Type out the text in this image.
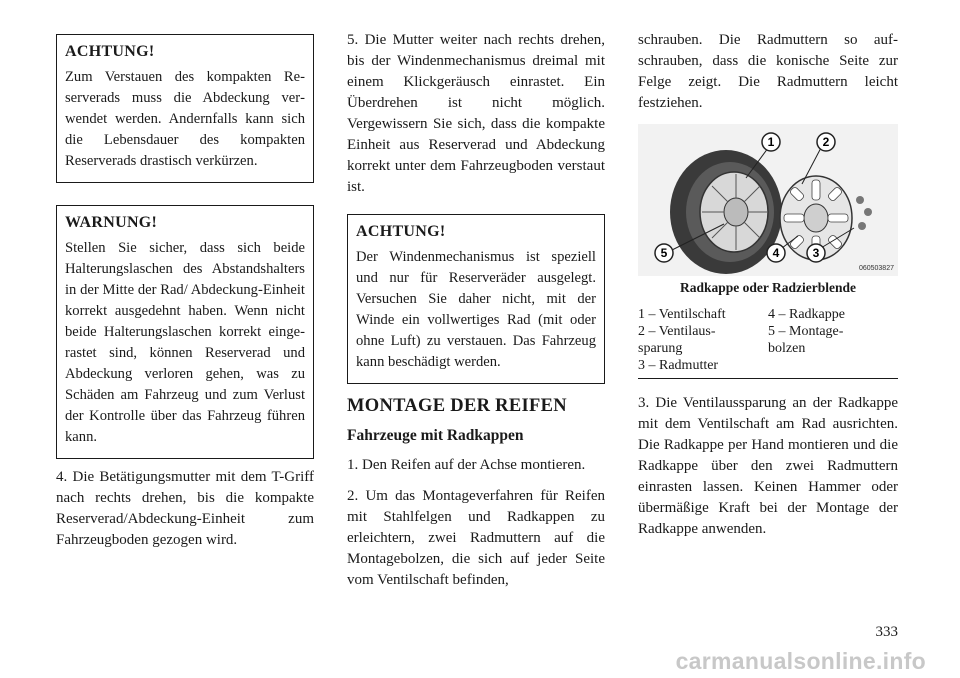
ACHTUNG!

Zum Verstauen des kompakten Reserverads muss die Abdeckung verwendet werden. Andernfalls kann sich die Lebensdauer des kompakten Reserverads drastisch verkürzen.

WARNUNG!

Stellen Sie sicher, dass sich beide Halterungslaschen des Abstandshalters in der Mitte der Rad/ Abdeckung-Einheit korrekt ausgedehnt haben. Wenn nicht beide Halterungslaschen korrekt eingerastet sind, können Reserverad und Abdeckung verloren gehen, was zu Schäden am Fahrzeug und zum Verlust der Kontrolle über das Fahrzeug führen kann.

4. Die Betätigungsmutter mit dem T-Griff nach rechts drehen, bis die kompakte Reserverad/Abdeckung-Einheit zum Fahrzeugboden gezogen wird.

5. Die Mutter weiter nach rechts drehen, bis der Windenmechanismus dreimal mit einem Klickgeräusch einrastet. Ein Überdrehen ist nicht möglich. Vergewissern Sie sich, dass die kompakte Einheit aus Reserverad und Abdeckung korrekt unter dem Fahrzeugboden verstaut ist.

ACHTUNG!

Der Windenmechanismus ist speziell und nur für Reserveräder ausgelegt. Versuchen Sie daher nicht, mit der Winde ein vollwertiges Rad (mit oder ohne Luft) zu verstauen. Das Fahrzeug kann beschädigt werden.

MONTAGE DER REIFEN
Fahrzeuge mit Radkappen

1. Den Reifen auf der Achse montieren.

2. Um das Montageverfahren für Reifen mit Stahlfelgen und Radkappen zu erleichtern, zwei Radmuttern auf die Montagebolzen, die sich auf jeder Seite vom Ventilschaft befinden,

schrauben. Die Radmuttern so aufschrauben, dass die konische Seite zur Felge zeigt. Die Radmuttern leicht festziehen.

1	2
3
4
5
060503827
Radkappe oder Radzierblende
1 – Ventilschaft	4 – Radkappe
2 – Ventilaus-	5 – Montage-
sparung	bolzen
3 – Radmutter

3. Die Ventilaussparung an der Radkappe mit dem Ventilschaft am Rad ausrichten. Die Radkappe per Hand montieren und die Radkappe über den zwei Radmuttern einrasten lassen. Keinen Hammer oder übermäßige Kraft bei der Montage der Radkappe anwenden.

333
carmanualsonline.info
